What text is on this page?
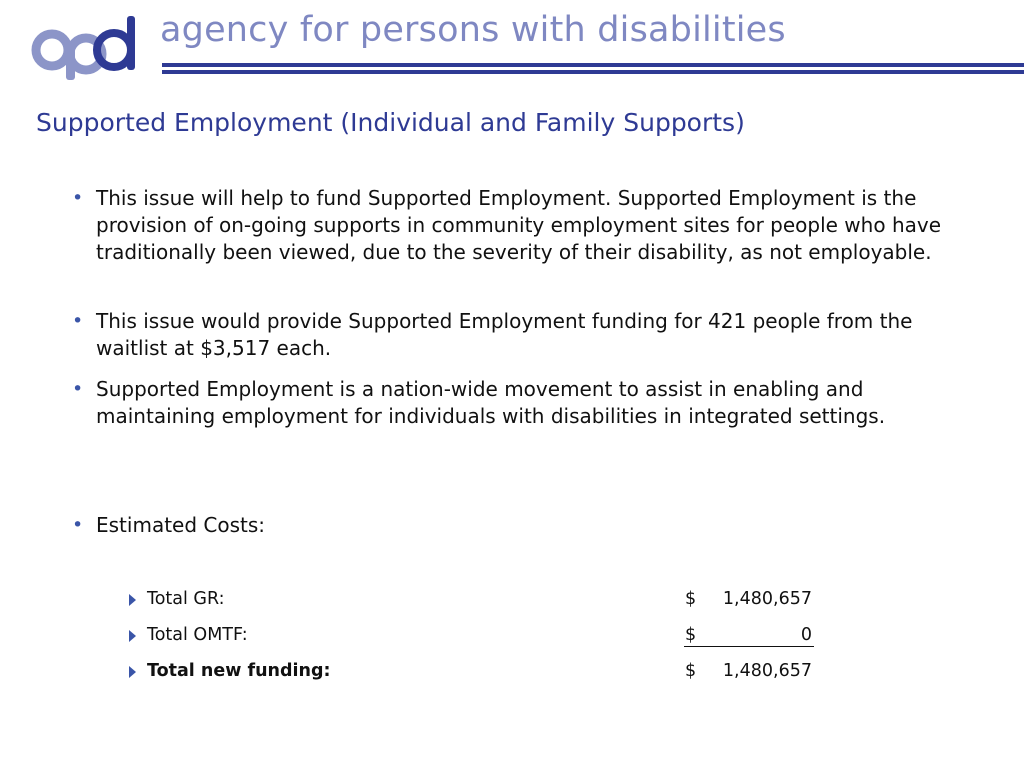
agency for persons with disabilities
Supported Employment (Individual and Family Supports)
• This issue will help to fund Supported Employment. Supported Employment is the provision of on-going supports in community employment sites for people who have traditionally been viewed, due to the severity of their disability, as not employable.
• This issue would provide Supported Employment funding for 421 people from the waitlist at $3,517 each.
• Supported Employment is a nation-wide movement to assist in enabling and maintaining employment for individuals with disabilities in integrated settings.
• Estimated Costs:
Total GR:	$ 1,480,657
Total OMTF:	$	0
Total new funding:	$ 1,480,657
